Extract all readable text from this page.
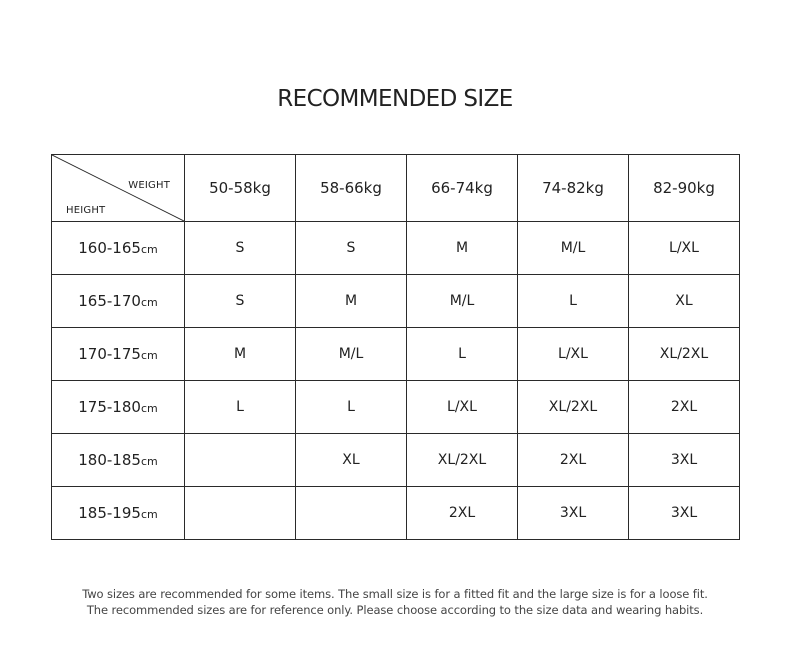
RECOMMENDED SIZE
WEIGHT
HEIGHT	50-58kg	58-66kg	66-74kg	74-82kg	82-90kg
160-165cm	S	S	M	M/L	L/XL
165-170cm	S	M	M/L	L	XL
170-175cm	M	M/L	L	L/XL	XL/2XL
175-180cm	L	L	L/XL	XL/2XL	2XL
180-185cm		XL	XL/2XL	2XL	3XL
185-195cm			2XL	3XL	3XL
Two sizes are recommended for some items. The small size is for a fitted fit and the large size is for a loose fit.
The recommended sizes are for reference only. Please choose according to the size data and wearing habits.
